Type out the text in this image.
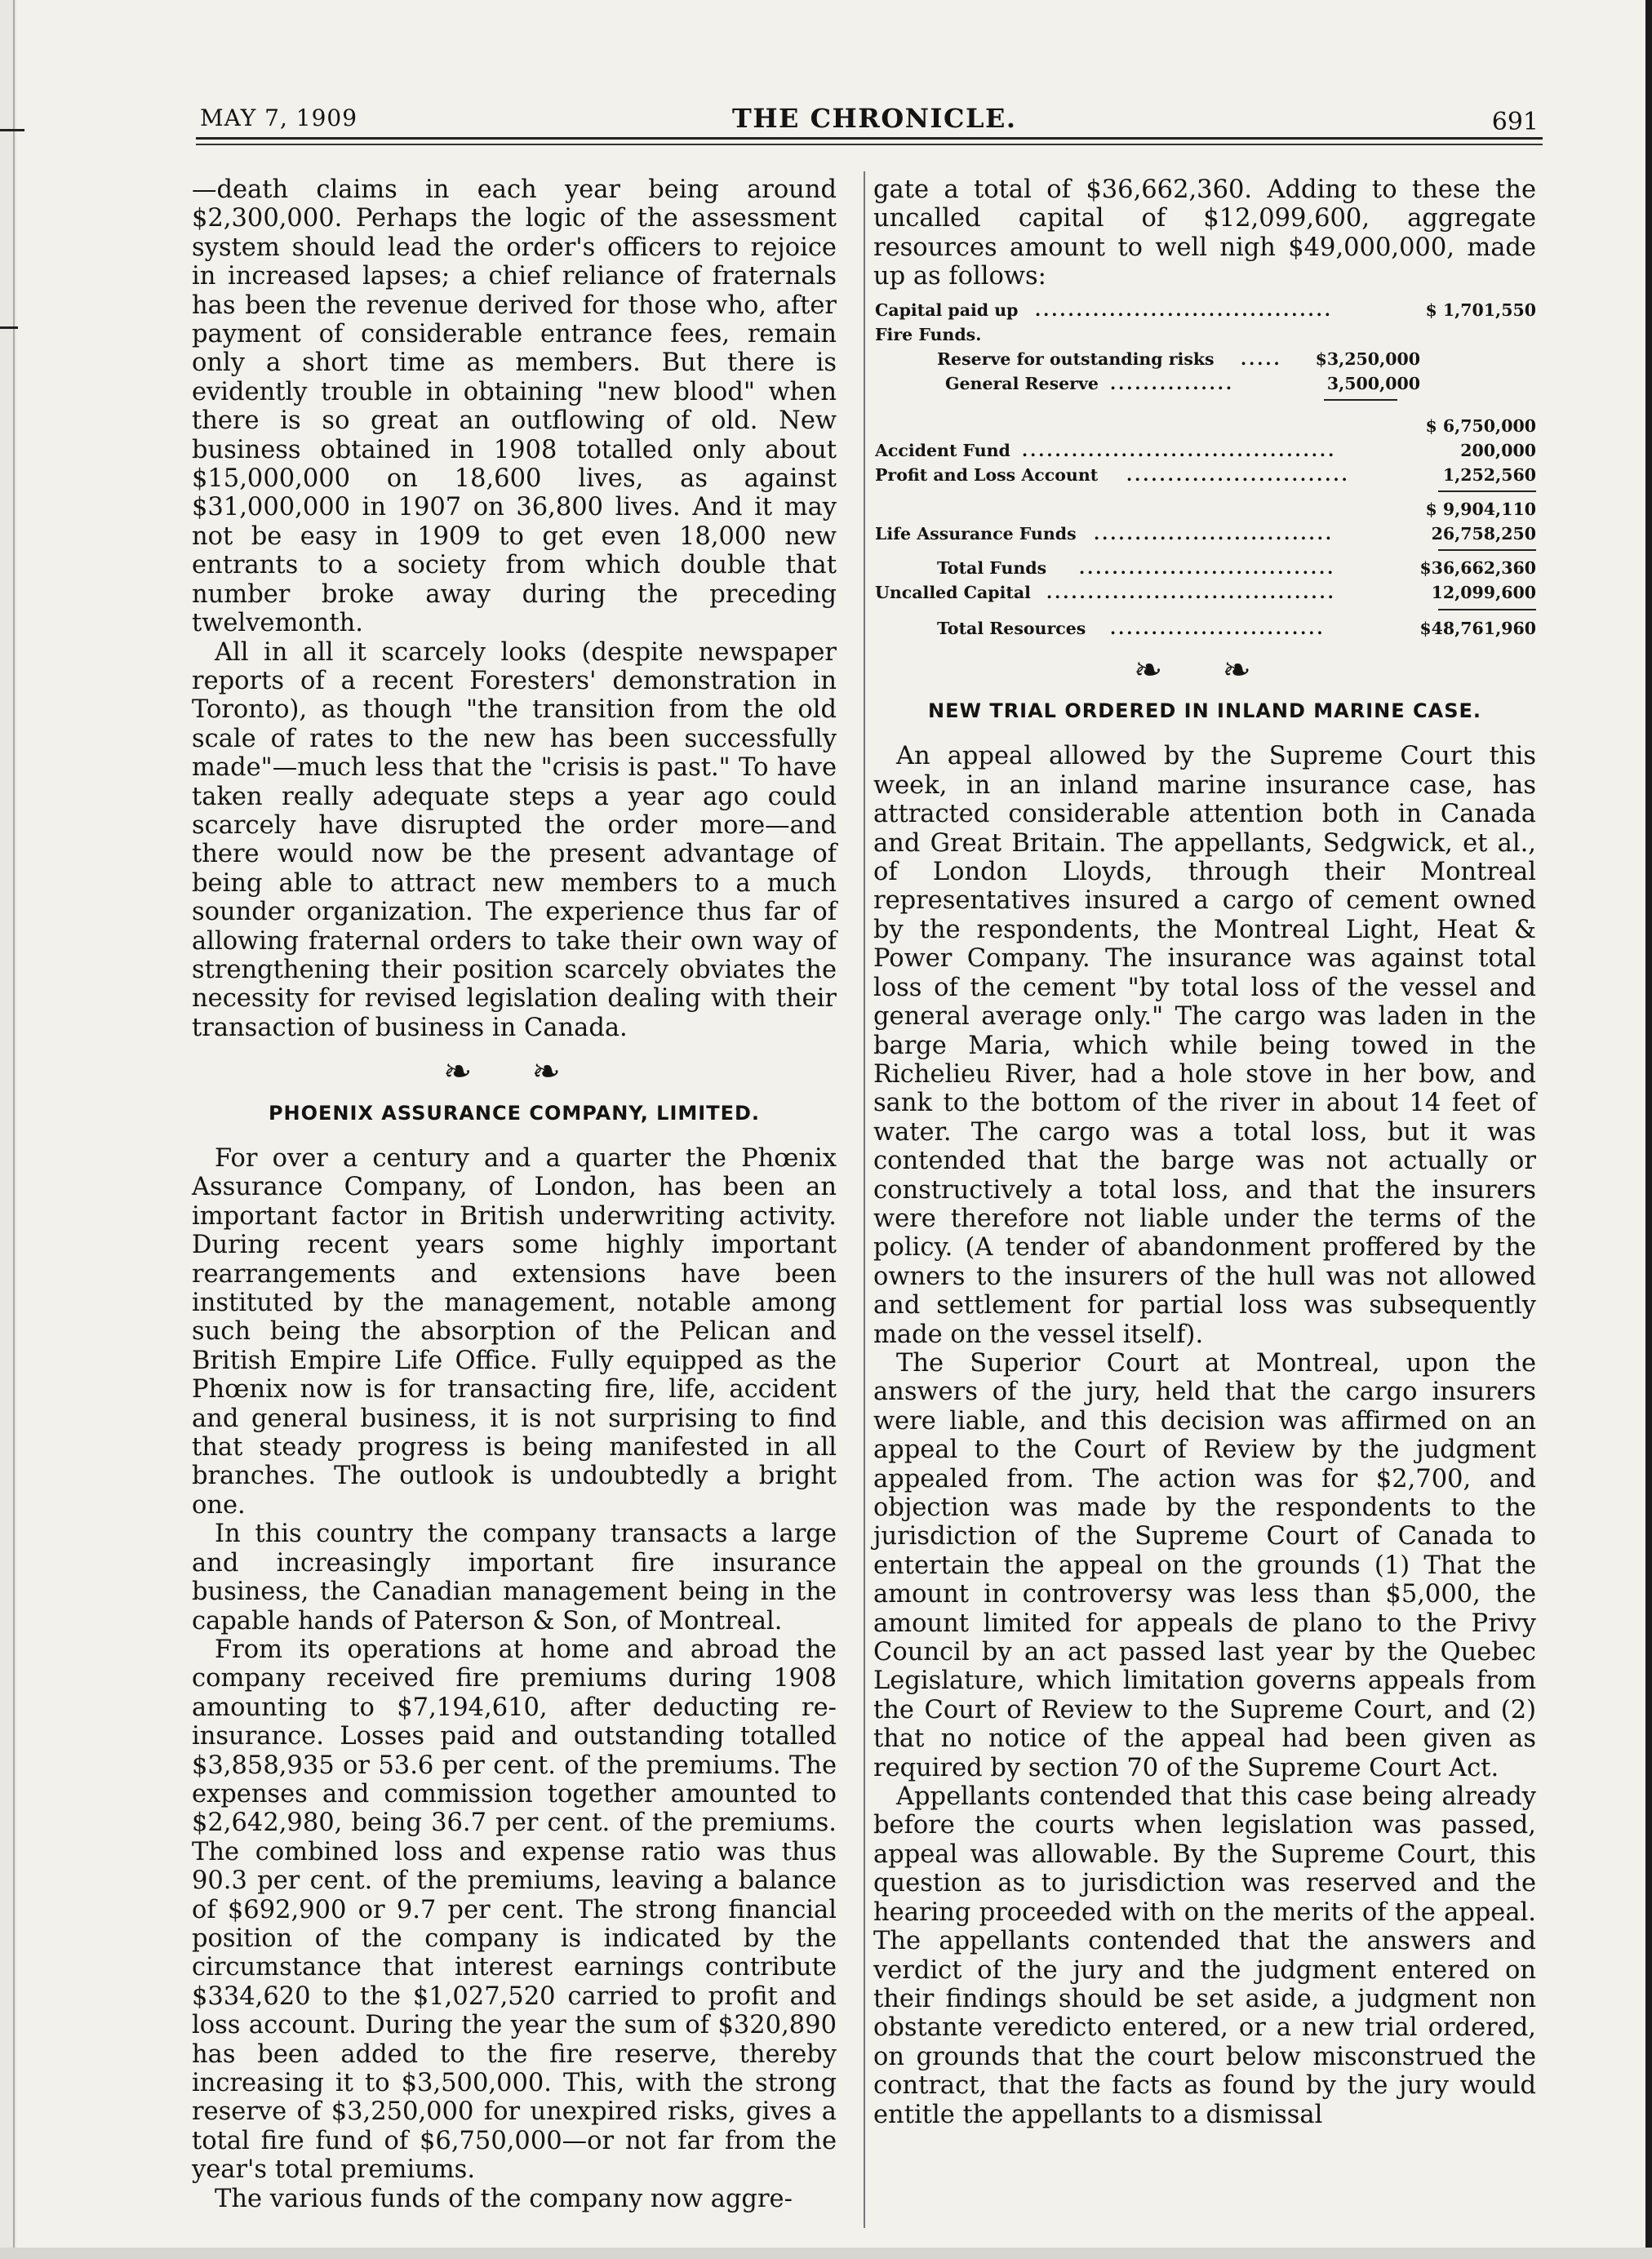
MAY 7, 1909	THE CHRONICLE.	691

—death claims in each year being around $2,300,000. Perhaps the logic of the assessment system should lead the order's officers to rejoice in increased lapses; a chief reliance of fraternals has been the revenue derived for those who, after payment of considerable entrance fees, remain only a short time as members. But there is evidently trouble in obtaining "new blood" when there is so great an outflowing of old. New business obtained in 1908 totalled only about $15,000,000 on 18,600 lives, as against $31,000,000 in 1907 on 36,800 lives. And it may not be easy in 1909 to get even 18,000 new entrants to a society from which double that number broke away during the preceding twelvemonth.

All in all it scarcely looks (despite newspaper reports of a recent Foresters' demonstration in Toronto), as though "the transition from the old scale of rates to the new has been successfully made"—much less that the "crisis is past." To have taken really adequate steps a year ago could scarcely have disrupted the order more—and there would now be the present advantage of being able to attract new members to a much sounder organization. The experience thus far of allowing fraternal orders to take their own way of strengthening their position scarcely obviates the necessity for revised legislation dealing with their transaction of business in Canada.

❧ ❧
PHOENIX ASSURANCE COMPANY, LIMITED.

For over a century and a quarter the Phœnix Assurance Company, of London, has been an important factor in British underwriting activity. During recent years some highly important rearrangements and extensions have been instituted by the management, notable among such being the absorption of the Pelican and British Empire Life Office. Fully equipped as the Phœnix now is for transacting fire, life, accident and general business, it is not surprising to find that steady progress is being manifested in all branches. The outlook is undoubtedly a bright one.

In this country the company transacts a large and increasingly important fire insurance business, the Canadian management being in the capable hands of Paterson & Son, of Montreal.

From its operations at home and abroad the company received fire premiums during 1908 amounting to $7,194,610, after deducting re-insurance. Losses paid and outstanding totalled $3,858,935 or 53.6 per cent. of the premiums. The expenses and commission together amounted to $2,642,980, being 36.7 per cent. of the premiums. The combined loss and expense ratio was thus 90.3 per cent. of the premiums, leaving a balance of $692,900 or 9.7 per cent. The strong financial position of the company is indicated by the circumstance that interest earnings contribute $334,620 to the $1,027,520 carried to profit and loss account. During the year the sum of $320,890 has been added to the fire reserve, thereby increasing it to $3,500,000. This, with the strong reserve of $3,250,000 for unexpired risks, gives a total fire fund of $6,750,000—or not far from the year's total premiums.

The various funds of the company now aggre-

gate a total of $36,662,360. Adding to these the uncalled capital of $12,099,600, aggregate resources amount to well nigh $49,000,000, made up as follows:

Capital paid up ....................................	$ 1,701,550
Fire Funds.
Reserve for outstanding risks ..... $3,250,000
General Reserve ...............	3,500,000
$ 6,750,000
Accident Fund ......................................	200,000
Profit and Loss Account ...........................	1,252,560
$ 9,904,110
Life Assurance Funds .............................	26,758,250
Total Funds ...............................	$36,662,360
Uncalled Capital ...................................	12,099,600
Total Resources ..........................	$48,761,960
❧ ❧
NEW TRIAL ORDERED IN INLAND MARINE CASE.

An appeal allowed by the Supreme Court this week, in an inland marine insurance case, has attracted considerable attention both in Canada and Great Britain. The appellants, Sedgwick, et al., of London Lloyds, through their Montreal representatives insured a cargo of cement owned by the respondents, the Montreal Light, Heat & Power Company. The insurance was against total loss of the cement "by total loss of the vessel and general average only." The cargo was laden in the barge Maria, which while being towed in the Richelieu River, had a hole stove in her bow, and sank to the bottom of the river in about 14 feet of water. The cargo was a total loss, but it was contended that the barge was not actually or constructively a total loss, and that the insurers were therefore not liable under the terms of the policy. (A tender of abandonment proffered by the owners to the insurers of the hull was not allowed and settlement for partial loss was subsequently made on the vessel itself).

The Superior Court at Montreal, upon the answers of the jury, held that the cargo insurers were liable, and this decision was affirmed on an appeal to the Court of Review by the judgment appealed from. The action was for $2,700, and objection was made by the respondents to the jurisdiction of the Supreme Court of Canada to entertain the appeal on the grounds (1) That the amount in controversy was less than $5,000, the amount limited for appeals de plano to the Privy Council by an act passed last year by the Quebec Legislature, which limitation governs appeals from the Court of Review to the Supreme Court, and (2) that no notice of the appeal had been given as required by section 70 of the Supreme Court Act.

Appellants contended that this case being already before the courts when legislation was passed, appeal was allowable. By the Supreme Court, this question as to jurisdiction was reserved and the hearing proceeded with on the merits of the appeal. The appellants contended that the answers and verdict of the jury and the judgment entered on their findings should be set aside, a judgment non obstante veredicto entered, or a new trial ordered, on grounds that the court below misconstrued the contract, that the facts as found by the jury would entitle the appellants to a dismissal
